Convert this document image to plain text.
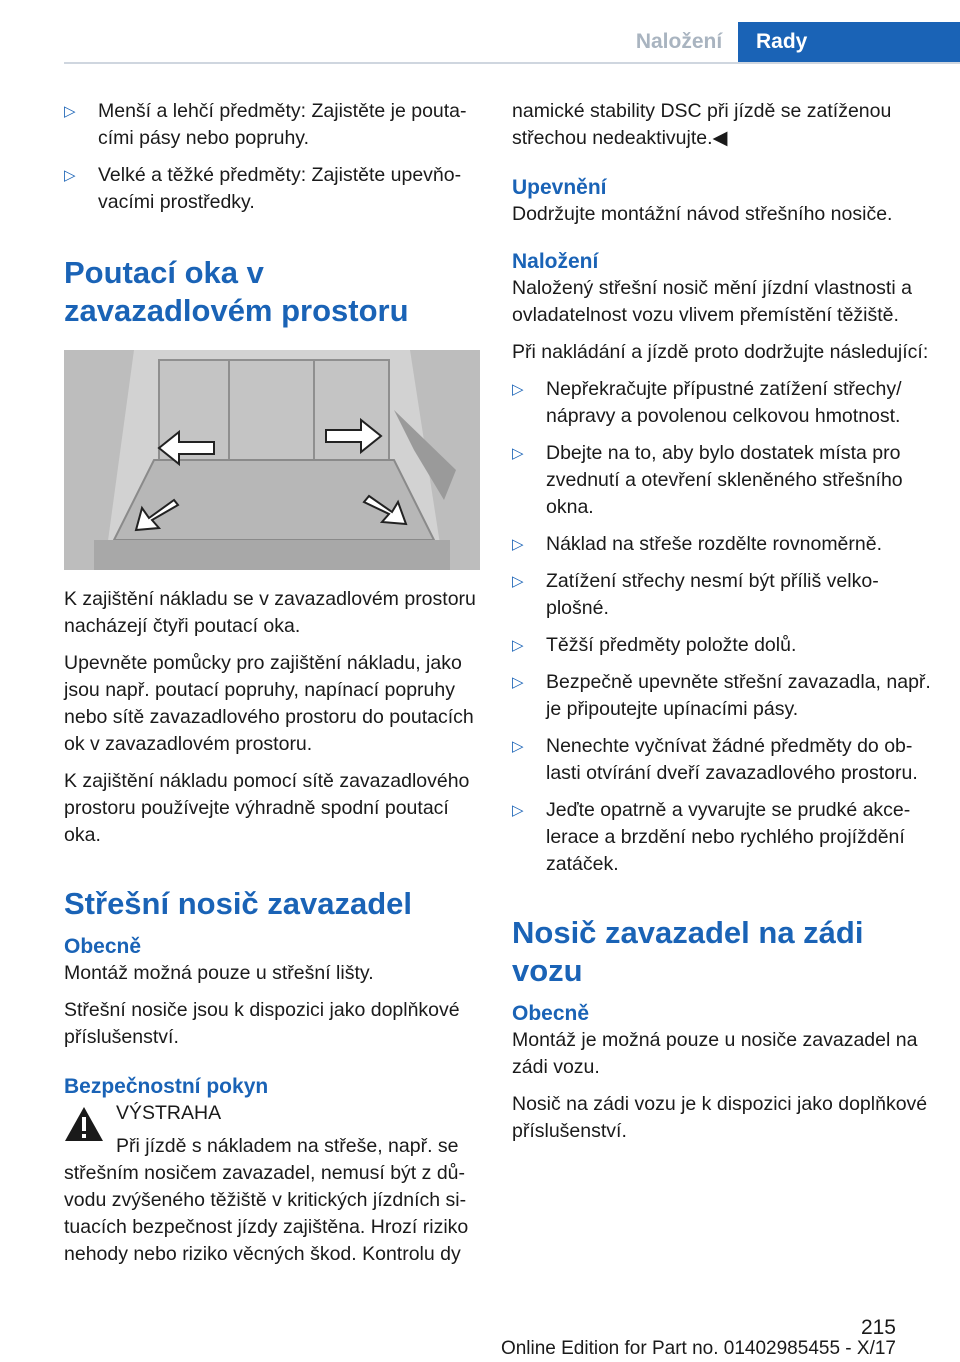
Naložení	Rady
▷ Menší a lehčí předměty: Zajistěte je poutacími pásy nebo popruhy.
▷ Velké a těžké předměty: Zajistěte upevňovacími prostředky.
Poutací oka v zavazadlovém prostoru

K zajištění nákladu se v zavazadlovém prostoru nacházejí čtyři poutací oka.

Upevněte pomůcky pro zajištění nákladu, jako jsou např. poutací popruhy, napínací popruhy nebo sítě zavazadlového prostoru do poutacích ok v zavazadlovém prostoru.

K zajištění nákladu pomocí sítě zavazadlového prostoru používejte výhradně spodní poutací oka.

Střešní nosič zavazadel
Obecně

Montáž možná pouze u střešní lišty.

Střešní nosiče jsou k dispozici jako doplňkové příslušenství.

Bezpečnostní pokyn

VÝSTRAHA

Při jízdě s nákladem na střeše, např. se

střešním nosičem zavazadel, nemusí být z důvodu zvýšeného těžiště v kritických jízdních situacích bezpečnost jízdy zajištěna. Hrozí riziko nehody nebo riziko věcných škod. Kontrolu dy

namické stability DSC při jízdě se zatíženou střechou nedeaktivujte.◀

Upevnění

Dodržujte montážní návod střešního nosiče.

Naložení

Naložený střešní nosič mění jízdní vlastnosti a ovladatelnost vozu vlivem přemístění těžiště.

Při nakládání a jízdě proto dodržujte následující:

▷ Nepřekračujte přípustné zatížení střechy/ nápravy a povolenou celkovou hmotnost.
▷ Dbejte na to, aby bylo dostatek místa pro zvednutí a otevření skleněného střešního okna.
▷ Náklad na střeše rozdělte rovnoměrně.
▷ Zatížení střechy nesmí být příliš velkoplošné.
▷ Těžší předměty položte dolů.
▷ Bezpečně upevněte střešní zavazadla, např. je připoutejte upínacími pásy.
▷ Nenechte vyčnívat žádné předměty do oblasti otvírání dveří zavazadlového prostoru.
▷ Jeďte opatrně a vyvarujte se prudké akcelerace a brzdění nebo rychlého projíždění zatáček.
Nosič zavazadel na zádi vozu
Obecně

Montáž je možná pouze u nosiče zavazadel na zádi vozu.

Nosič na zádi vozu je k dispozici jako doplňkové příslušenství.

215
Online Edition for Part no. 01402985455 - X/17
